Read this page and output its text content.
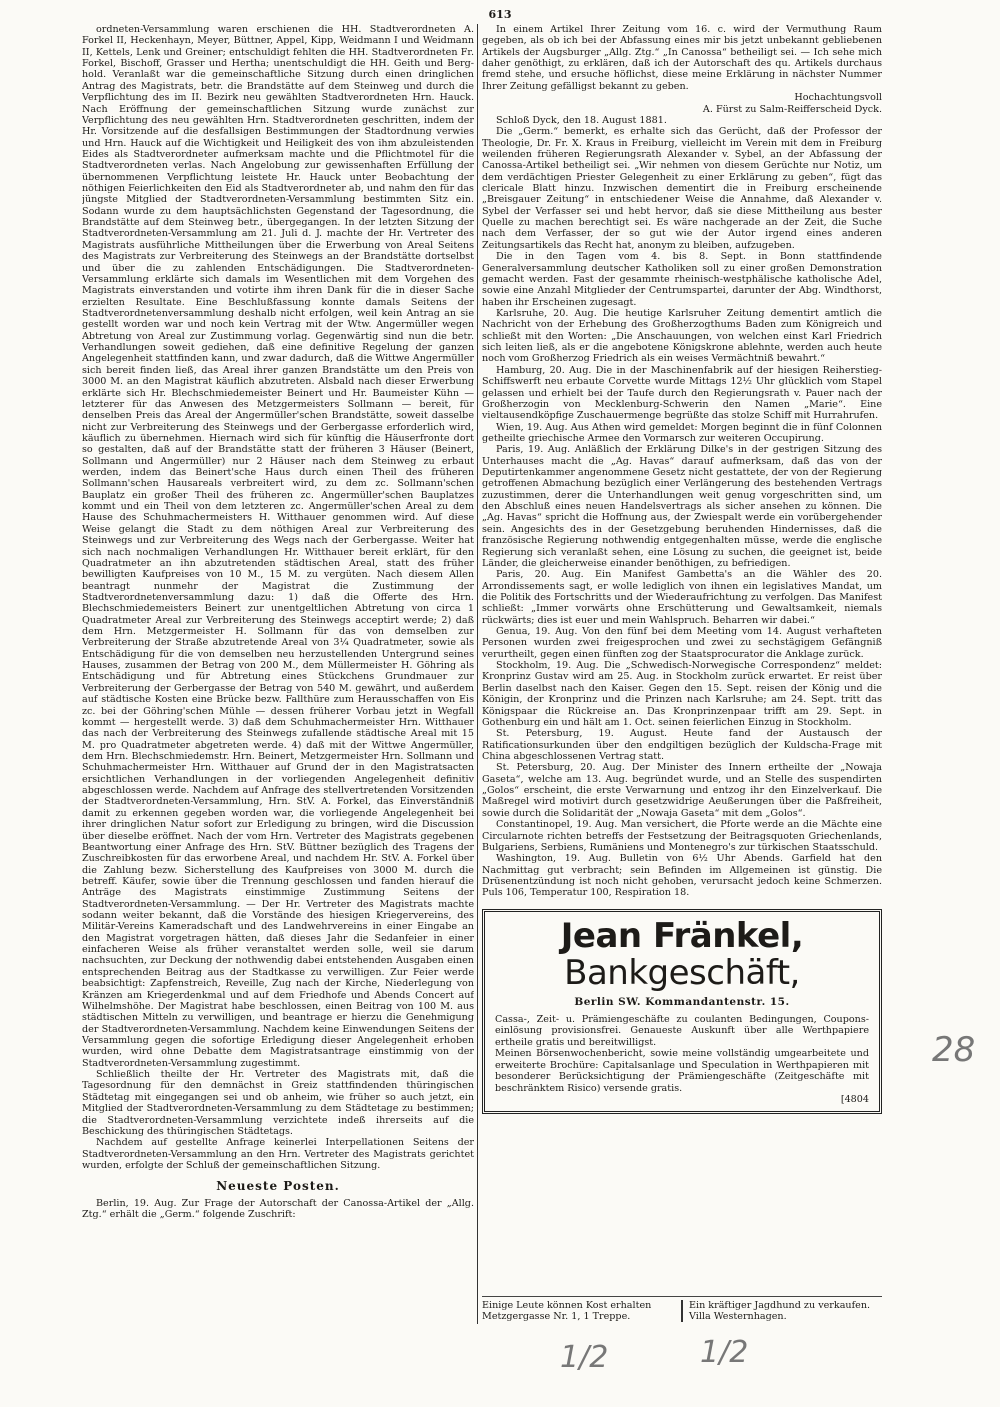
613

ordneten-Versammlung waren erschienen die HH. Stadtverordneten A. Forkel II, Heckenhayn, Meyer, Büttner, Appel, Kipp, Weidmann I und Weidmann II, Kettels, Lenk und Greiner; entschuldigt fehlten die HH. Stadtverordneten Fr. Forkel, Bischoff, Grasser und Hertha; unentschuldigt die HH. Geith und Berg-hold. Veranlaßt war die gemeinschaftliche Sitzung durch einen dringlichen Antrag des Magistrats, betr. die Brandstätte auf dem Steinweg und durch die Verpflichtung des im II. Bezirk neu gewählten Stadtverordneten Hrn. Hauck. Nach Eröffnung der gemeinschaftlichen Sitzung wurde zunächst zur Verpflichtung des neu gewählten Hrn. Stadtverordneten geschritten, indem der Hr. Vorsitzende auf die desfallsigen Bestimmungen der Stadtordnung verwies und Hrn. Hauck auf die Wichtigkeit und Heiligkeit des von ihm abzuleistenden Eides als Stadtverordneter aufmerksam machte und die Pflichtmotel für die Stadtverordneten verlas. Nach Angelobung zur gewissenhaften Erfüllung der übernommenen Verpflichtung leistete Hr. Hauck unter Beobachtung der nöthigen Feierlichkeiten den Eid als Stadtverordneter ab, und nahm den für das jüngste Mitglied der Stadtverordneten-Versammlung bestimmten Sitz ein. Sodann wurde zu dem hauptsächlichsten Gegenstand der Tagesordnung, die Brandstätte auf dem Steinweg betr., übergegangen. In der letzten Sitzung der Stadtverordneten-Versammlung am 21. Juli d. J. machte der Hr. Vertreter des Magistrats ausführliche Mittheilungen über die Erwerbung von Areal Seitens des Magistrats zur Verbreiterung des Steinwegs an der Brandstätte dortselbst und über die zu zahlenden Entschädigungen. Die Stadtverordneten-Versammlung erklärte sich damals im Wesentlichen mit dem Vorgehen des Magistrats einverstanden und votirte ihm ihren Dank für die in dieser Sache erzielten Resultate. Eine Beschlußfassung konnte damals Seitens der Stadtverordnetenversammlung deshalb nicht erfolgen, weil kein Antrag an sie gestellt worden war und noch kein Vertrag mit der Wtw. Angermüller wegen Abtretung von Areal zur Zustimmung vorlag. Gegenwärtig sind nun die betr. Verhandlungen soweit gediehen, daß eine definitive Regelung der ganzen Angelegenheit stattfinden kann, und zwar dadurch, daß die Wittwe Angermüller sich bereit finden ließ, das Areal ihrer ganzen Brandstätte um den Preis von 3000 M. an den Magistrat käuflich abzutreten. Alsbald nach dieser Erwerbung erklärte sich Hr. Blechschmiedemeister Beinert und Hr. Baumeister Kühn — letzterer für das Anwesen des Metzgermeisters Sollmann — bereit, für denselben Preis das Areal der Angermüller'schen Brandstätte, soweit dasselbe nicht zur Verbreiterung des Steinwegs und der Gerbergasse erforderlich wird, käuflich zu übernehmen. Hiernach wird sich für künftig die Häuserfronte dort so gestalten, daß auf der Brandstätte statt der früheren 3 Häuser (Beinert, Sollmann und Angermüller) nur 2 Häuser nach dem Steinweg zu erbaut werden, indem das Beinert'sche Haus durch einen Theil des früheren Sollmann'schen Hausareals verbreitert wird, zu dem zc. Sollmann'schen Bauplatz ein großer Theil des früheren zc. Angermüller'schen Bauplatzes kommt und ein Theil von dem letzteren zc. Angermüller'schen Areal zu dem Hause des Schuhmachermeisters H. Witthauer genommen wird. Auf diese Weise gelangt die Stadt zu dem nöthigen Areal zur Verbreiterung des Steinwegs und zur Verbreiterung des Wegs nach der Gerbergasse. Weiter hat sich nach nochmaligen Verhandlungen Hr. Witthauer bereit erklärt, für den Quadratmeter an ihn abzutretenden städtischen Areal, statt des früher bewilligten Kaufpreises von 10 M., 15 M. zu vergüten. Nach diesem Allen beantragt nunmehr der Magistrat die Zustimmung der Stadtverordnetenversammlung dazu: 1) daß die Offerte des Hrn. Blechschmiedemeisters Beinert zur unentgeltlichen Abtretung von circa 1 Quadratmeter Areal zur Verbreiterung des Steinwegs acceptirt werde; 2) daß dem Hrn. Metzgermeister H. Sollmann für das von demselben zur Verbreiterung der Straße abzutretende Areal von 3¼ Quadratmeter, sowie als Entschädigung für die von demselben neu herzustellenden Untergrund seines Hauses, zusammen der Betrag von 200 M., dem Müllermeister H. Göhring als Entschädigung und für Abtretung eines Stückchens Grundmauer zur Verbreiterung der Gerbergasse der Betrag von 540 M. gewährt, und außerdem auf städtische Kosten eine Brücke bezw. Fallthüre zum Herausschaffen von Eis zc. bei der Göhring'schen Mühle — dessen früherer Vorbau jetzt in Wegfall kommt — hergestellt werde. 3) daß dem Schuhmachermeister Hrn. Witthauer das nach der Verbreiterung des Steinwegs zufallende städtische Areal mit 15 M. pro Quadratmeter abgetreten werde. 4) daß mit der Wittwe Angermüller, dem Hrn. Blechschmiedemstr. Hrn. Beinert, Metzgermeister Hrn. Sollmann und Schuhmachermeister Hrn. Witthauer auf Grund der in den Magistratsacten ersichtlichen Verhandlungen in der vorliegenden Angelegenheit definitiv abgeschlossen werde. Nachdem auf Anfrage des stellvertretenden Vorsitzenden der Stadtverordneten-Versammlung, Hrn. StV. A. Forkel, das Einverständniß damit zu erkennen gegeben worden war, die vorliegende Angelegenheit bei ihrer dringlichen Natur sofort zur Erledigung zu bringen, wird die Discussion über dieselbe eröffnet. Nach der vom Hrn. Vertreter des Magistrats gegebenen Beantwortung einer Anfrage des Hrn. StV. Büttner bezüglich des Tragens der Zuschreibkosten für das erworbene Areal, und nachdem Hr. StV. A. Forkel über die Zahlung bezw. Sicherstellung des Kaufpreises von 3000 M. durch die betreff. Käufer, sowie über die Trennung geschlossen und fanden hierauf die Anträge des Magistrats einstimmige Zustimmung Seitens der Stadtverordneten-Versammlung. — Der Hr. Vertreter des Magistrats machte sodann weiter bekannt, daß die Vorstände des hiesigen Kriegervereins, des Militär-Vereins Kameradschaft und des Landwehrvereins in einer Eingabe an den Magistrat vorgetragen hätten, daß dieses Jahr die Sedanfeier in einer einfacheren Weise als früher veranstaltet werden solle, weil sie darum nachsuchten, zur Deckung der nothwendig dabei entstehenden Ausgaben einen entsprechenden Beitrag aus der Stadtkasse zu verwilligen. Zur Feier werde beabsichtigt: Zapfenstreich, Reveille, Zug nach der Kirche, Niederlegung von Kränzen am Kriegerdenkmal und auf dem Friedhofe und Abends Concert auf Wilhelmshöhe. Der Magistrat habe beschlossen, einen Beitrag von 100 M. aus städtischen Mitteln zu verwilligen, und beantrage er hierzu die Genehmigung der Stadtverordneten-Versammlung. Nachdem keine Einwendungen Seitens der Versammlung gegen die sofortige Erledigung dieser Angelegenheit erhoben wurden, wird ohne Debatte dem Magistratsantrage einstimmig von der Stadtverordneten-Versammlung zugestimmt.

Schließlich theilte der Hr. Vertreter des Magistrats mit, daß die Tagesordnung für den demnächst in Greiz stattfindenden thüringischen Städtetag mit eingegangen sei und ob anheim, wie früher so auch jetzt, ein Mitglied der Stadtverordneten-Versammlung zu dem Städtetage zu bestimmen; die Stadtverordneten-Versammlung verzichtete indeß ihrerseits auf die Beschickung des thüringischen Städtetags.

Nachdem auf gestellte Anfrage keinerlei Interpellationen Seitens der Stadtverordneten-Versammlung an den Hrn. Vertreter des Magistrats gerichtet wurden, erfolgte der Schluß der gemeinschaftlichen Sitzung.

Neueste Posten.

Berlin, 19. Aug. Zur Frage der Autorschaft der Canossa-Artikel der „Allg. Ztg.“ erhält die „Germ.“ folgende Zuschrift:

In einem Artikel Ihrer Zeitung vom 16. c. wird der Vermuthung Raum gegeben, als ob ich bei der Abfassung eines mir bis jetzt unbekannt gebliebenen Artikels der Augsburger „Allg. Ztg.“ „In Canossa“ betheiligt sei. — Ich sehe mich daher genöthigt, zu erklären, daß ich der Autorschaft des qu. Artikels durchaus fremd stehe, und ersuche höflichst, diese meine Erklärung in nächster Nummer Ihrer Zeitung gefälligst bekannt zu geben.

Hochachtungsvoll

A. Fürst zu Salm-Reifferscheid Dyck.

Schloß Dyck, den 18. August 1881.

Die „Germ.“ bemerkt, es erhalte sich das Gerücht, daß der Professor der Theologie, Dr. Fr. X. Kraus in Freiburg, vielleicht im Verein mit dem in Freiburg weilenden früheren Regierungsrath Alexander v. Sybel, an der Abfassung der Canossa-Artikel betheiligt sei. „Wir nehmen von diesem Gerüchte nur Notiz, um dem verdächtigen Priester Gelegenheit zu einer Erklärung zu geben“, fügt das clericale Blatt hinzu. Inzwischen dementirt die in Freiburg erscheinende „Breisgauer Zeitung“ in entschiedener Weise die Annahme, daß Alexander v. Sybel der Verfasser sei und hebt hervor, daß sie diese Mittheilung aus bester Quelle zu machen berechtigt sei. Es wäre nachgerade an der Zeit, die Suche nach dem Verfasser, der so gut wie der Autor irgend eines anderen Zeitungsartikels das Recht hat, anonym zu bleiben, aufzugeben.

Die in den Tagen vom 4. bis 8. Sept. in Bonn stattfindende Generalversammlung deutscher Katholiken soll zu einer großen Demonstration gemacht werden. Fast der gesammte rheinisch-westphälische katholische Adel, sowie eine Anzahl Mitglieder der Centrumspartei, darunter der Abg. Windthorst, haben ihr Erscheinen zugesagt.

Karlsruhe, 20. Aug. Die heutige Karlsruher Zeitung dementirt amtlich die Nachricht von der Erhebung des Großherzogthums Baden zum Königreich und schließt mit den Worten: „Die Anschauungen, von welchen einst Karl Friedrich sich leiten ließ, als er die angebotene Königskrone ablehnte, werden auch heute noch vom Großherzog Friedrich als ein weises Vermächtniß bewahrt.“

Hamburg, 20. Aug. Die in der Maschinenfabrik auf der hiesigen Reiherstieg-Schiffswerft neu erbaute Corvette wurde Mittags 12½ Uhr glücklich vom Stapel gelassen und erhielt bei der Taufe durch den Regierungsrath v. Pauer nach der Großherzogin von Mecklenburg-Schwerin den Namen „Marie“. Eine vieltausendköpfige Zuschauermenge begrüßte das stolze Schiff mit Hurrahrufen.

Wien, 19. Aug. Aus Athen wird gemeldet: Morgen beginnt die in fünf Colonnen getheilte griechische Armee den Vormarsch zur weiteren Occupirung.

Paris, 19. Aug. Anläßlich der Erklärung Dilke's in der gestrigen Sitzung des Unterhauses macht die „Ag. Havas“ darauf aufmerksam, daß das von der Deputirtenkammer angenommene Gesetz nicht gestattete, der von der Regierung getroffenen Abmachung bezüglich einer Verlängerung des bestehenden Vertrags zuzustimmen, derer die Unterhandlungen weit genug vorgeschritten sind, um den Abschluß eines neuen Handelsvertrags als sicher ansehen zu können. Die „Ag. Havas“ spricht die Hoffnung aus, der Zwiespalt werde ein vorübergehender sein. Angesichts des in der Gesetzgebung beruhenden Hindernisses, daß die französische Regierung nothwendig entgegenhalten müsse, werde die englische Regierung sich veranlaßt sehen, eine Lösung zu suchen, die geeignet ist, beide Länder, die gleicherweise einander benöthigen, zu befriedigen.

Paris, 20. Aug. Ein Manifest Gambetta's an die Wähler des 20. Arrondissements sagt, er wolle lediglich von ihnen ein legislatives Mandat, um die Politik des Fortschritts und der Wiederaufrichtung zu verfolgen. Das Manifest schließt: „Immer vorwärts ohne Erschütterung und Gewaltsamkeit, niemals rückwärts; dies ist euer und mein Wahlspruch. Beharren wir dabei.“

Genua, 19. Aug. Von den fünf bei dem Meeting vom 14. August verhafteten Personen wurden zwei freigesprochen und zwei zu sechstägigem Gefängniß verurtheilt, gegen einen fünften zog der Staatsprocurator die Anklage zurück.

Stockholm, 19. Aug. Die „Schwedisch-Norwegische Correspondenz“ meldet: Kronprinz Gustav wird am 25. Aug. in Stockholm zurück erwartet. Er reist über Berlin daselbst nach den Kaiser. Gegen den 15. Sept. reisen der König und die Königin, der Kronprinz und die Prinzen nach Karlsruhe; am 24. Sept. tritt das Königspaar die Rückreise an. Das Kronprinzenpaar trifft am 29. Sept. in Gothenburg ein und hält am 1. Oct. seinen feierlichen Einzug in Stockholm.

St. Petersburg, 19. August. Heute fand der Austausch der Ratificationsurkunden über den endgiltigen bezüglich der Kuldscha-Frage mit China abgeschlossenen Vertrag statt.

St. Petersburg, 20. Aug. Der Minister des Innern ertheilte der „Nowaja Gaseta“, welche am 13. Aug. begründet wurde, und an Stelle des suspendirten „Golos“ erscheint, die erste Verwarnung und entzog ihr den Einzelverkauf. Die Maßregel wird motivirt durch gesetzwidrige Aeußerungen über die Paßfreiheit, sowie durch die Solidarität der „Nowaja Gaseta“ mit dem „Golos“.

Constantinopel, 19. Aug. Man versichert, die Pforte werde an die Mächte eine Circularnote richten betreffs der Festsetzung der Beitragsquoten Griechenlands, Bulgariens, Serbiens, Rumäniens und Montenegro's zur türkischen Staatsschuld.

Washington, 19. Aug. Bulletin von 6½ Uhr Abends. Garfield hat den Nachmittag gut verbracht; sein Befinden im Allgemeinen ist günstig. Die Drüsenentzündung ist noch nicht gehoben, verursacht jedoch keine Schmerzen. Puls 106, Temperatur 100, Respiration 18.

Jean Fränkel, Bankgeschäft,
Berlin SW. Kommandantenstr. 15.

Cassa-, Zeit- u. Prämiengeschäfte zu coulanten Bedingungen, Coupons-einlösung provisionsfrei. Genaueste Auskunft über alle Werthpapiere ertheile gratis und bereitwilligst.

Meinen Börsenwochenbericht, sowie meine vollständig umgearbeitete und erweiterte Brochüre: Capitalsanlage und Speculation in Werthpapieren mit besonderer Berücksichtigung der Prämiengeschäfte (Zeitgeschäfte mit beschränktem Risico) versende gratis.

[4804

Einige Leute können Kost erhalten Metzgergasse Nr. 1, 1 Treppe.

Ein kräftiger Jagdhund zu verkaufen. Villa Westernhagen.

1/2	1/2
28
